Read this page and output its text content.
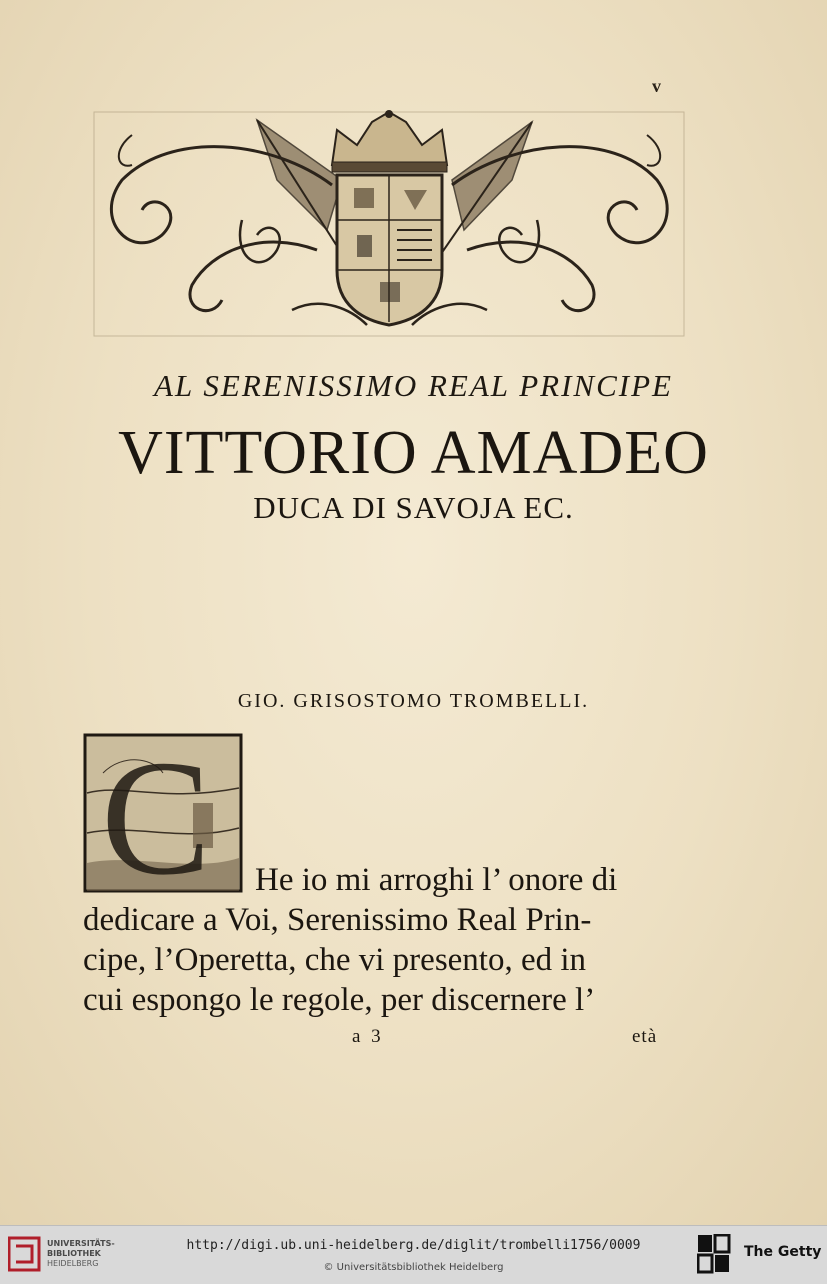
v
AL SERENISSIMO REAL PRINCIPE
VITTORIO AMADEO
DUCA DI SAVOJA EC.
GIO. GRISOSTOMO TROMBELLI.
C He io mi arroghi l’ onore di
dedicare a Voi, Serenissimo Real Prin-
cipe, l’Operetta, che vi presento, ed in
cui espongo le regole, per discernere l’
a 3	età
UNIVERSITÄTS-
BIBLIOTHEK
HEIDELBERG
http://digi.ub.uni-heidelberg.de/diglit/trombelli1756/0009
© Universitätsbibliothek Heidelberg
The Getty
